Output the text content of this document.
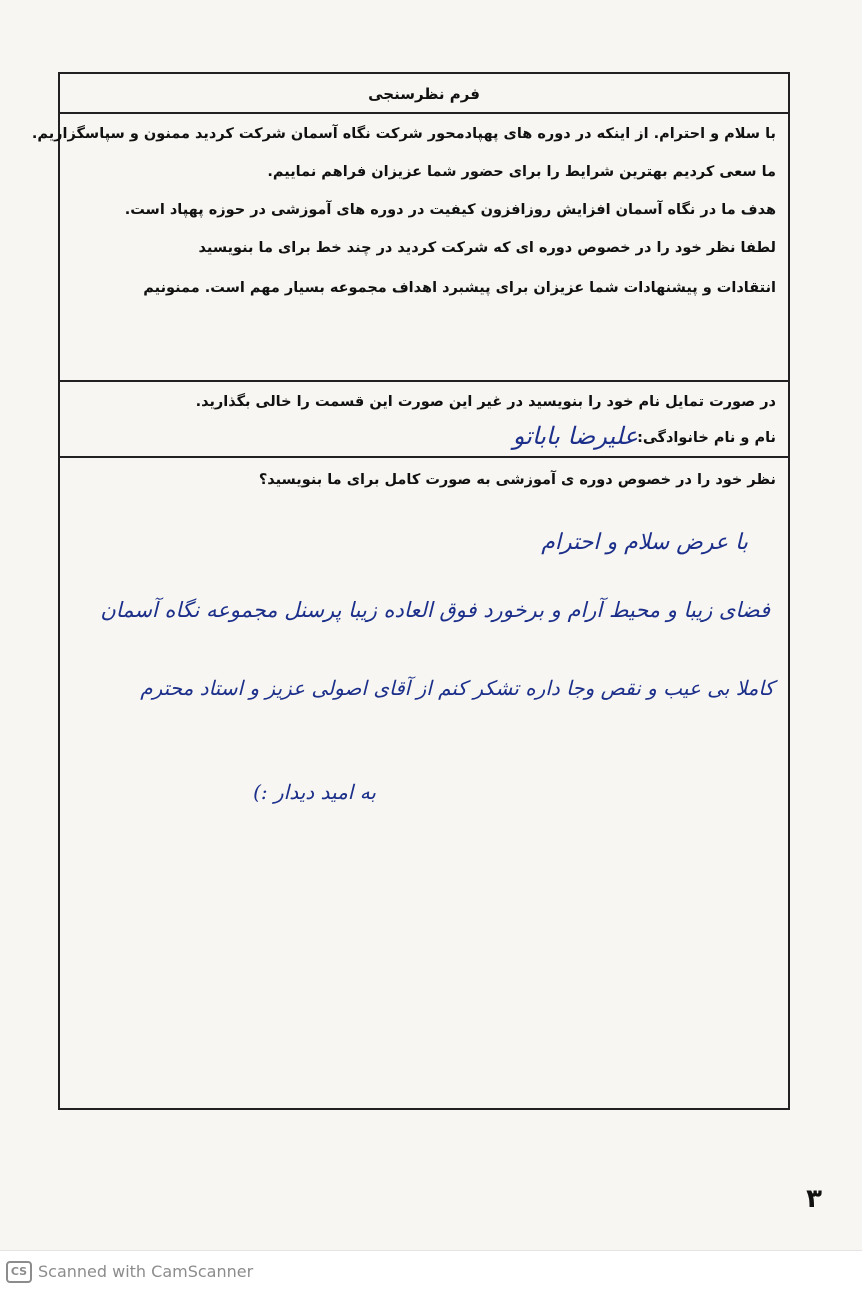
فرم نظرسنجی
با سلام و احترام. از اینکه در دوره های پهپادمحور شرکت نگاه آسمان شرکت کردید ممنون و سپاسگزاریم.
ما سعی کردیم بهترین شرایط را برای حضور شما عزیزان فراهم نماییم.
هدف ما در نگاه آسمان افزایش روزافزون کیفیت در دوره های آموزشی در حوزه پهپاد است.
لطفا نظر خود را در خصوص دوره ای که شرکت کردید در چند خط برای ما بنویسید
انتقادات و پیشنهادات شما عزیزان برای پیشبرد اهداف مجموعه بسیار مهم است. ممنونیم
در صورت تمایل نام خود را بنویسید در غیر این صورت این قسمت را خالی بگذارید.
نام و نام خانوادگی:
علیرضا باباتو
نظر خود را در خصوص دوره ی آموزشی به صورت کامل برای ما بنویسید؟
با عرض سلام و احترام
فضای زیبا و محیط آرام و برخورد فوق العاده زیبا پرسنل مجموعه نگاه آسمان
کاملا بی عیب و نقص وجا داره تشکر کنم از آقای اصولی عزیز و استاد محترم
به امید دیدار :)
۳
CS Scanned with CamScanner
